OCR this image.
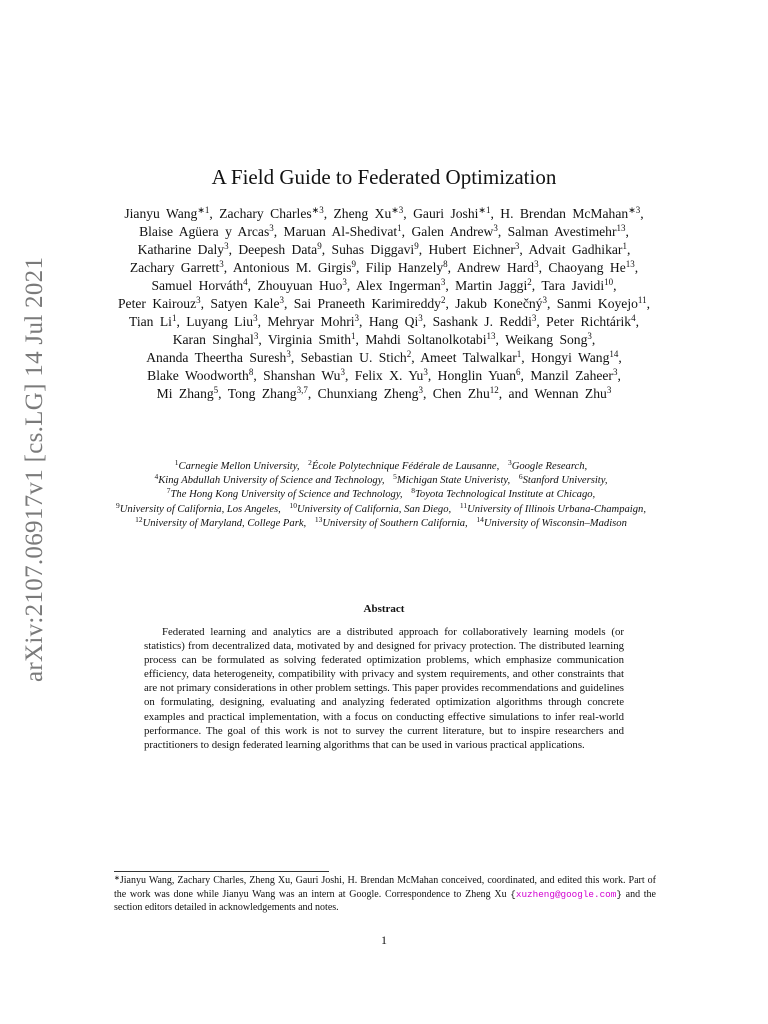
arXiv:2107.06917v1 [cs.LG] 14 Jul 2021
A Field Guide to Federated Optimization
Jianyu Wang$^{∗1}$, Zachary Charles$^{∗3}$, Zheng $Xu^{∗3}$, Gauri Joshi$^{∗1}$, H. Brendan McMahan$^{∗3}$, Blaise Agüera y Arcas$^3$, Maruan Al-Shedivat$^1$, Galen Andrew$^3$, Salman Avestimehr$^{13}$, Katharine Daly$^3$, Deepesh Data$^9$, Suhas Diggavi$^9$, Hubert Eichner$^3$, Advait Gadhikar$^1$, Zachary Garrett$^3$, Antonious M. Girgis$^9$, Filip Hanzely$^8$, Andrew Hard$^3$, Chaoyang He$^{13}$, Samuel Horváth$^4$, Zhouyuan Huo$^3$, Alex Ingerman$^3$, Martin Jaggi$^2$, Tara Javidi$^{10}$, Peter Kairouz$^3$, Satyen Kale$^3$, Sai Praneeth Karimireddy$^2$, Jakub Konečný$^3$, Sanmi Koyejo$^{11}$, Tian Li$^1$, Luyang Liu$^3$, Mehryar Mohri$^3$, Hang Qi$^3$, Sashank J. Reddi$^3$, Peter Richtárik$^4$, Karan Singhal$^3$, Virginia Smith$^1$, Mahdi Soltanolkotabi$^{13}$, Weikang Song$^3$, Ananda Theertha Suresh$^3$, Sebastian U. Stich$^2$, Ameet Talwalkar$^1$, Hongyi Wang$^{14}$, Blake Woodworth$^8$, Shanshan Wu$^3$, Felix X. Yu$^3$, Honglin Yuan$^6$, Manzil Zaheer$^3$, Mi Zhang$^5$, Tong Zhang$^{3,7}$, Chunxiang Zheng$^3$, Chen Zhu$^{12}$, and Wennan Zhu$^3$
$^1$Carnegie Mellon University, $^2$École Polytechnique Fédérale de Lausanne, $^3$Google Research, $^4$King Abdullah University of Science and Technology, $^5$Michigan State Univeristy, $^6$Stanford University, $^7$The Hong Kong University of Science and Technology, $^8$Toyota Technological Institute at Chicago, $^9$University of California, Los Angeles, $^{10}$University of California, San Diego, $^{11}$University of Illinois Urbana-Champaign, $^{12}$University of Maryland, College Park, $^{13}$University of Southern California, $^{14}$University of Wisconsin–Madison
Abstract
Federated learning and analytics are a distributed approach for collaboratively learning models (or statistics) from decentralized data, motivated by and designed for privacy protection. The distributed learning process can be formulated as solving federated optimization problems, which emphasize communication efficiency, data heterogeneity, compatibility with privacy and system requirements, and other constraints that are not primary considerations in other problem settings. This paper provides recommendations and guidelines on formulating, designing, evaluating and analyzing federated optimization algorithms through concrete examples and practical implementation, with a focus on conducting effective simulations to infer real-world performance. The goal of this work is not to survey the current literature, but to inspire researchers and practitioners to design federated learning algorithms that can be used in various practical applications.
∗Jianyu Wang, Zachary Charles, Zheng Xu, Gauri Joshi, H. Brendan McMahan conceived, coordinated, and edited this work. Part of the work was done while Jianyu Wang was an intern at Google. Correspondence to Zheng Xu {xuzheng@google.com} and the section editors detailed in acknowledgements and notes.
1
